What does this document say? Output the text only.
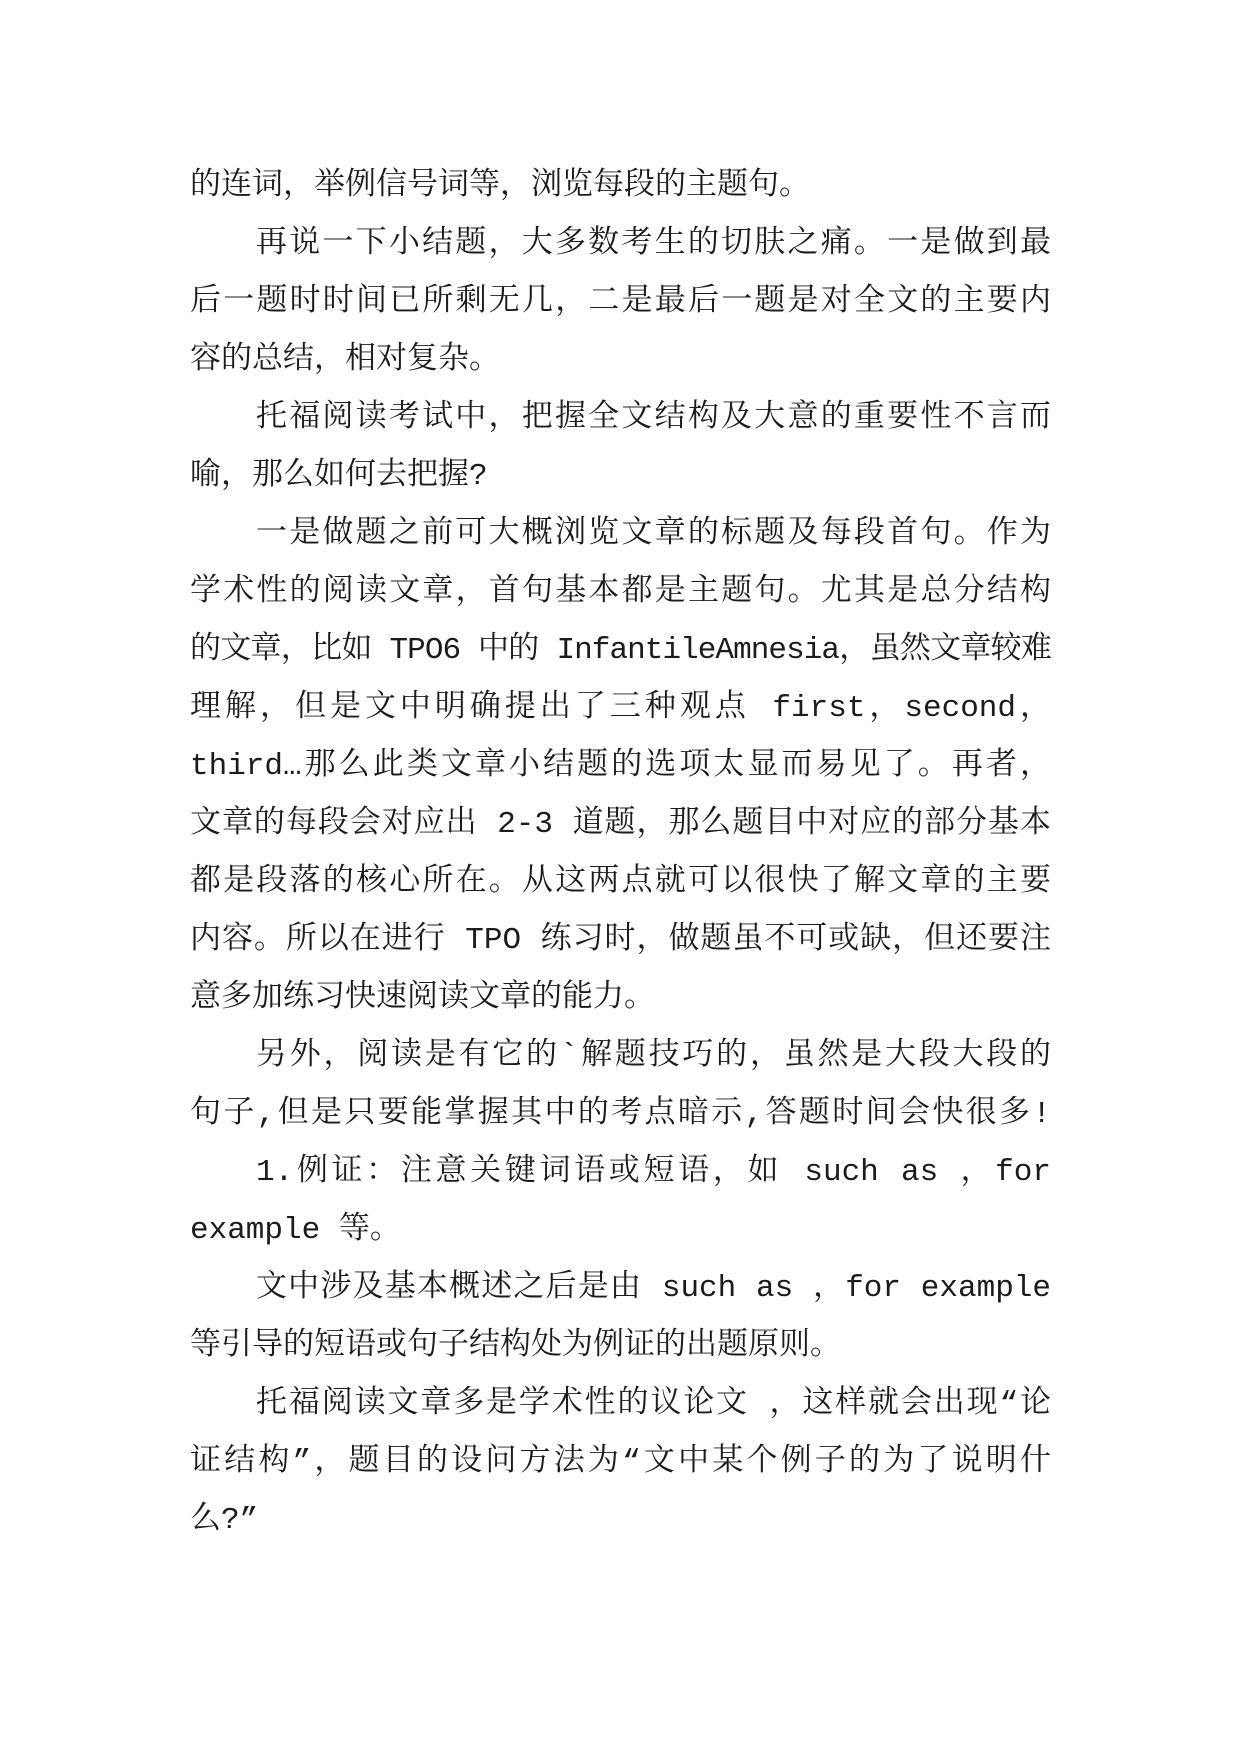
的连词，举例信号词等，浏览每段的主题句。
再说一下小结题，大多数考生的切肤之痛。一是做到最
后一题时时间已所剩无几，二是最后一题是对全文的主要内
容的总结，相对复杂。
托福阅读考试中，把握全文结构及大意的重要性不言而
喻，那么如何去把握?
一是做题之前可大概浏览文章的标题及每段首句。作为
学术性的阅读文章，首句基本都是主题句。尤其是总分结构
的文章，比如 TPO6 中的 InfantileAmnesia，虽然文章较难
理解，但是文中明确提出了三种观点 first，second，
third…那么此类文章小结题的选项太显而易见了。再者，
文章的每段会对应出 2-3 道题，那么题目中对应的部分基本
都是段落的核心所在。从这两点就可以很快了解文章的主要
内容。所以在进行 TPO 练习时，做题虽不可或缺，但还要注
意多加练习快速阅读文章的能力。
另外，阅读是有它的`解题技巧的，虽然是大段大段的
句子,但是只要能掌握其中的考点暗示,答题时间会快很多!
1.例证：注意关键词语或短语，如 such as ，for
example 等。
文中涉及基本概述之后是由 such as ，for example
等引导的短语或句子结构处为例证的出题原则。
托福阅读文章多是学术性的议论文 ，这样就会出现“论
证结构”，题目的设问方法为“文中某个例子的为了说明什
么?”
